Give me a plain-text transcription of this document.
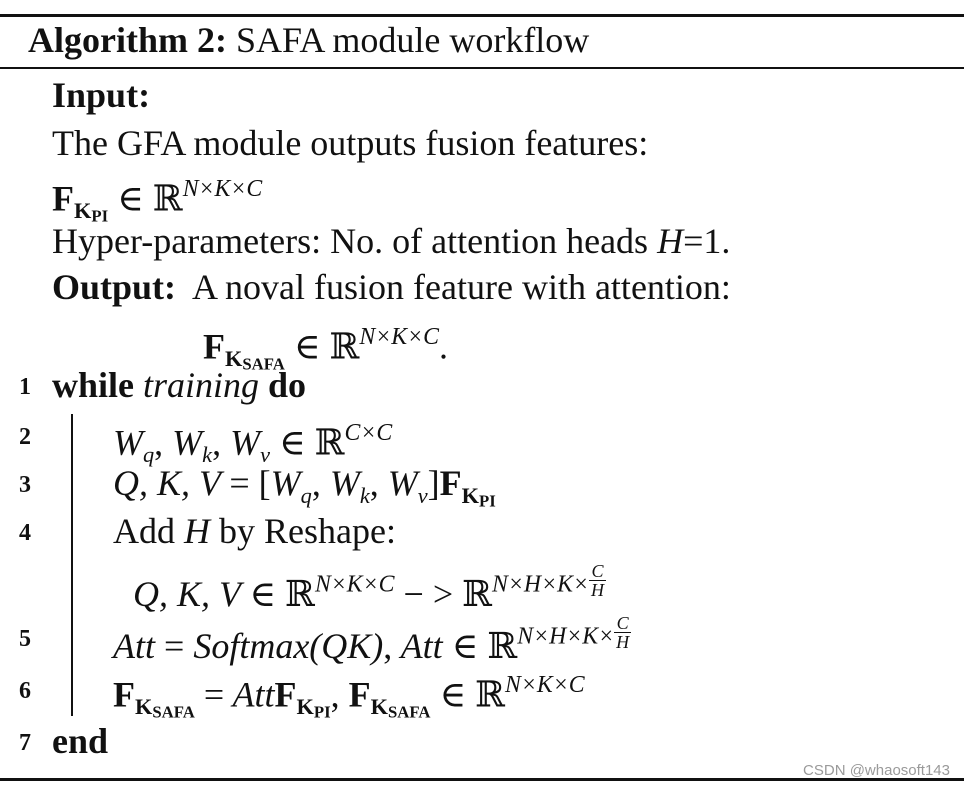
Algorithm 2: SAFA module workflow
Input:
The GFA module outputs fusion features:
$F_{KPI}$ ∈ ℝ$^{N\times K\times C}$
Hyper-parameters: No. of attention heads H=1.
Output: A noval fusion feature with attention:
$F_{KSAFA}$ ∈ ℝ$^{N\times K\times C}$.
1 while training do
2 $W_q$, $W_k$, $W_v$ ∈ ℝ$^{C\times C}$
3 Q, K, $V = [W_q$, $W_k$, $W_v]F_{KPI}$
4 Add H by Reshape:
Q, K, V ∈ ℝ$^{N\times K\times C}$ − > ℝ$^{N\times H\times K\times}$ $\frac{C}{H}$
5 Att = Softmax(QK), Att ∈ ℝ$^{N\times H\times K\times}$ $\frac{C}{H}$
6 $F_{KSAFA}$ = AttF$_{KPI}$, $F_{KSAFA}$ ∈ ℝ$^{N\times K\times C}$
7 end
CSDN @whaosoft143
